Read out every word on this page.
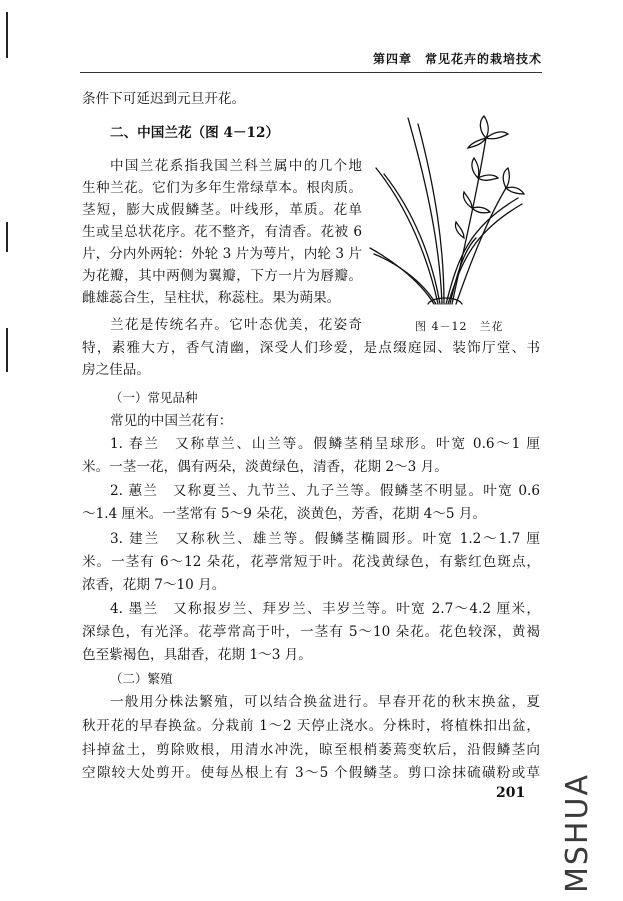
第四章　常见花卉的栽培技术
条件下可延迟到元旦开花。
二、中国兰花（图 4－12）
中国兰花系指我国兰科兰属中的几个地
生种兰花。它们为多年生常绿草本。根肉质。
茎短，膨大成假鳞茎。叶线形，革质。花单
生或呈总状花序。花不整齐，有清香。花被 6
片，分内外两轮：外轮 3 片为萼片，内轮 3 片
为花瓣，其中两侧为翼瓣，下方一片为唇瓣。
雌雄蕊合生，呈柱状，称蕊柱。果为蒴果。
兰花是传统名卉。它叶态优美，花姿奇
特，素雅大方，香气清幽，深受人们珍爱，是点缀庭园、装饰厅堂、书
房之佳品。
（一）常见品种
常见的中国兰花有：
1. 春兰　又称草兰、山兰等。假鳞茎稍呈球形。叶宽 0.6～1 厘
米。一茎一花，偶有两朵，淡黄绿色，清香，花期 2～3 月。
2. 蕙兰　又称夏兰、九节兰、九子兰等。假鳞茎不明显。叶宽 0.6
～1.4 厘米。一茎常有 5～9 朵花，淡黄色，芳香，花期 4～5 月。
3. 建兰　又称秋兰、雄兰等。假鳞茎椭圆形。叶宽 1.2～1.7 厘
米。一茎有 6～12 朵花，花葶常短于叶。花浅黄绿色，有紫红色斑点，
浓香，花期 7～10 月。
4. 墨兰　又称报岁兰、拜岁兰、丰岁兰等。叶宽 2.7～4.2 厘米，
深绿色，有光泽。花葶常高于叶，一茎有 5～10 朵花。花色较深，黄褐
色至紫褐色，具甜香，花期 1～3 月。
（二）繁殖
一般用分株法繁殖，可以结合换盆进行。早春开花的秋末换盆，夏
秋开花的早春换盆。分栽前 1～2 天停止浇水。分株时，将植株扣出盆，
抖掉盆土，剪除败根，用清水冲洗，晾至根梢萎蔫变软后，沿假鳞茎向
空隙较大处剪开。使每丛根上有 3～5 个假鳞茎。剪口涂抹硫磺粉或草
图 4－12　兰花
201 MSHUA
